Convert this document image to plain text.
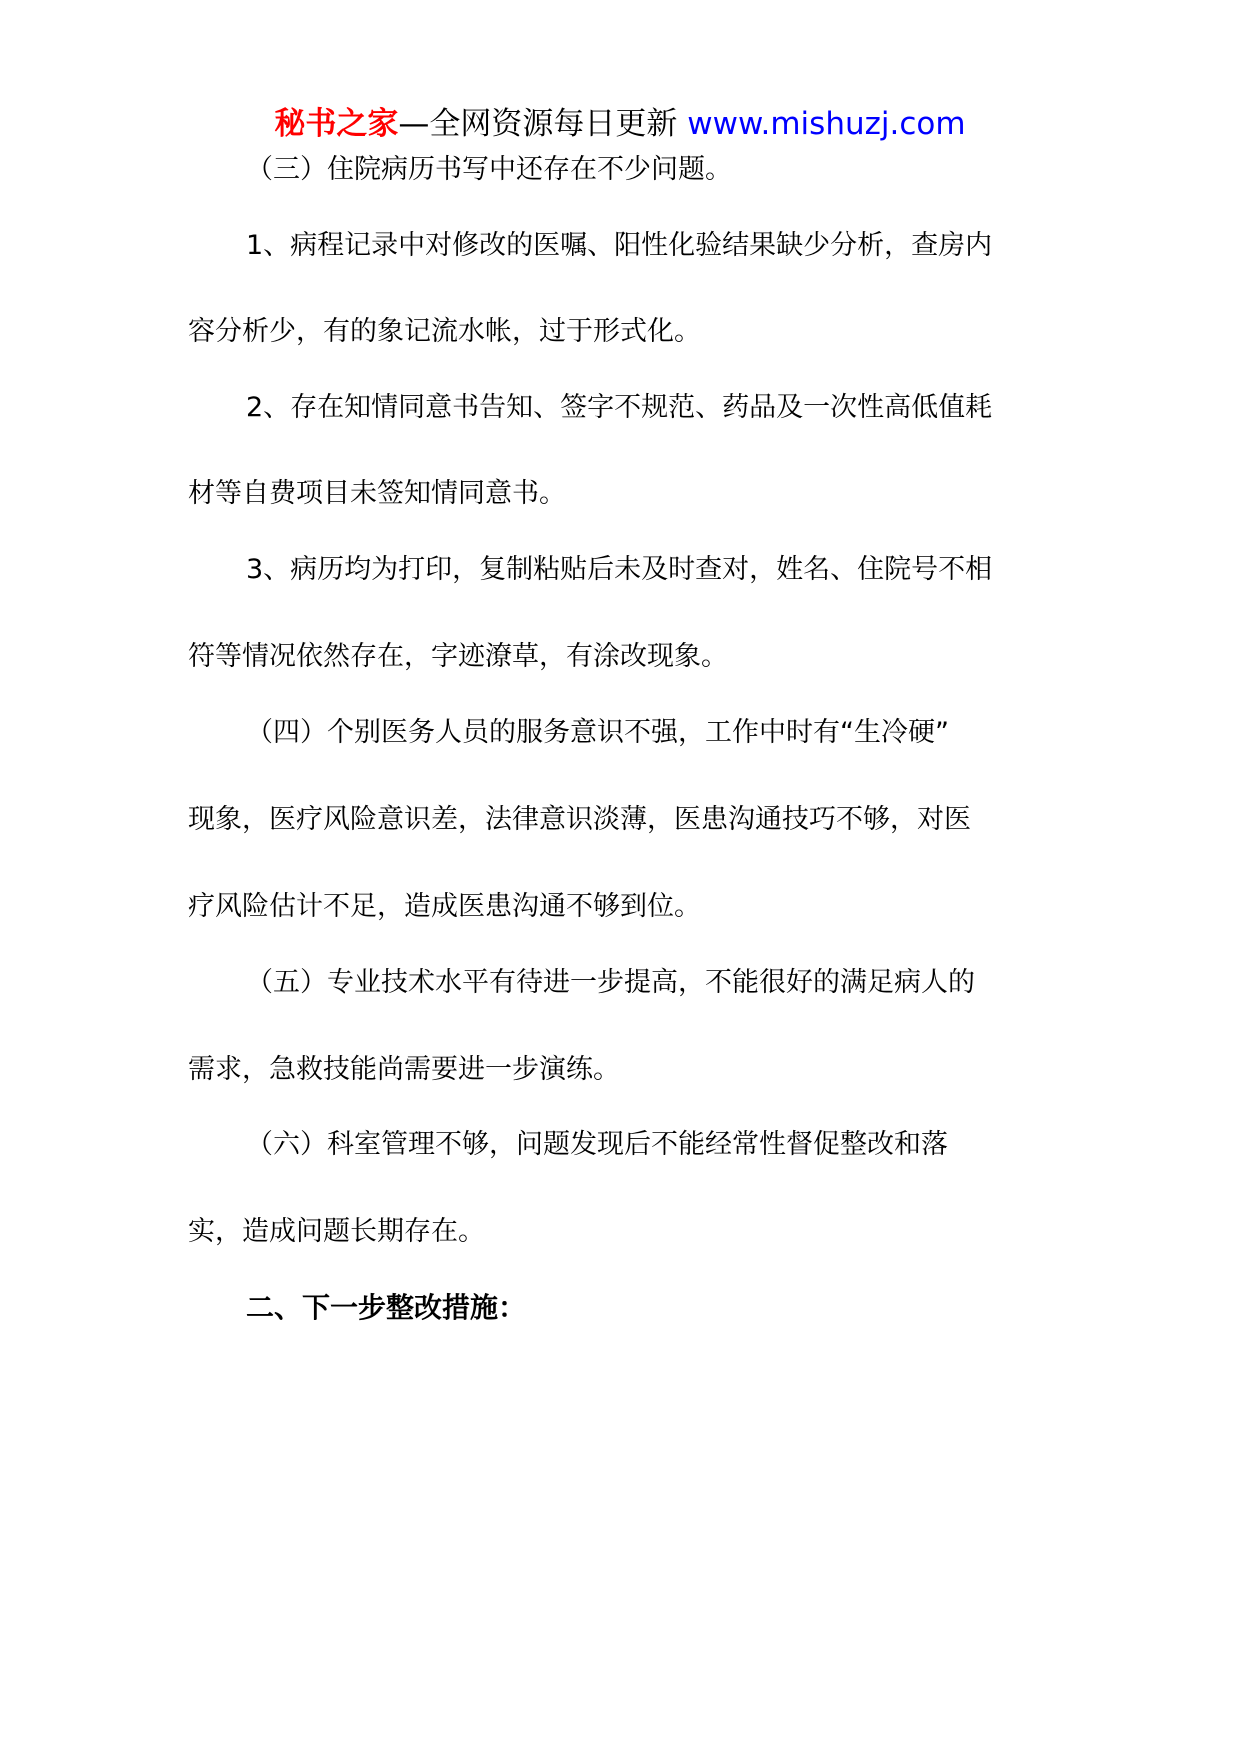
秘书之家—全网资源每日更新 www.mishuzj.com
（三）住院病历书写中还存在不少问题。
1、病程记录中对修改的医嘱、阳性化验结果缺少分析，查房内
容分析少，有的象记流水帐，过于形式化。
2、存在知情同意书告知、签字不规范、药品及一次性高低值耗
材等自费项目未签知情同意书。
3、病历均为打印，复制粘贴后未及时查对，姓名、住院号不相
符等情况依然存在，字迹潦草，有涂改现象。
（四）个别医务人员的服务意识不强，工作中时有“生冷硬”
现象，医疗风险意识差，法律意识淡薄，医患沟通技巧不够，对医
疗风险估计不足，造成医患沟通不够到位。
（五）专业技术水平有待进一步提高，不能很好的满足病人的
需求，急救技能尚需要进一步演练。
（六）科室管理不够，问题发现后不能经常性督促整改和落
实，造成问题长期存在。
二、下一步整改措施：
